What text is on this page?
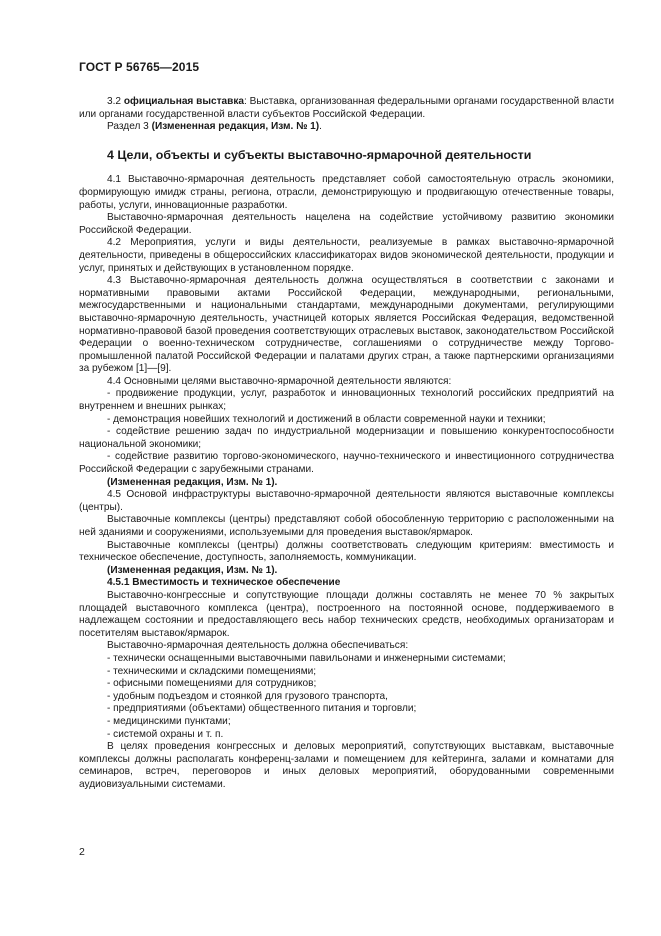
ГОСТ Р 56765—2015

3.2 официальная выставка: Выставка, организованная федеральными органами государственной власти или органами государственной власти субъектов Российской Федерации.

Раздел 3 (Измененная редакция, Изм. № 1).

4 Цели, объекты и субъекты выставочно-ярмарочной деятельности

4.1 Выставочно-ярмарочная деятельность представляет собой самостоятельную отрасль экономики, формирующую имидж страны, региона, отрасли, демонстрирующую и продвигающую отечественные товары, работы, услуги, инновационные разработки.

Выставочно-ярмарочная деятельность нацелена на содействие устойчивому развитию экономики Российской Федерации.

4.2 Мероприятия, услуги и виды деятельности, реализуемые в рамках выставочно-ярмарочной деятельности, приведены в общероссийских классификаторах видов экономической деятельности, продукции и услуг, принятых и действующих в установленном порядке.

4.3 Выставочно-ярмарочная деятельность должна осуществляться в соответствии с законами и нормативными правовыми актами Российской Федерации, международными, региональными, межгосударственными и национальными стандартами, международными документами, регулирующими выставочно-ярмарочную деятельность, участницей которых является Российская Федерация, ведомственной нормативно-правовой базой проведения соответствующих отраслевых выставок, законодательством Российской Федерации о военно-техническом сотрудничестве, соглашениями о сотрудничестве между Торгово-промышленной палатой Российской Федерации и палатами других стран, а также партнерскими организациями за рубежом [1]—[9].

4.4 Основными целями выставочно-ярмарочной деятельности являются:

- продвижение продукции, услуг, разработок и инновационных технологий российских предприятий на внутреннем и внешних рынках;

- демонстрация новейших технологий и достижений в области современной науки и техники;

- содействие решению задач по индустриальной модернизации и повышению конкурентоспособности национальной экономики;

- содействие развитию торгово-экономического, научно-технического и инвестиционного сотрудничества Российской Федерации с зарубежными странами.

(Измененная редакция, Изм. № 1).

4.5 Основой инфраструктуры выставочно-ярмарочной деятельности являются выставочные комплексы (центры).

Выставочные комплексы (центры) представляют собой обособленную территорию с расположенными на ней зданиями и сооружениями, используемыми для проведения выставок/ярмарок.

Выставочные комплексы (центры) должны соответствовать следующим критериям: вместимость и техническое обеспечение, доступность, заполняемость, коммуникации.

(Измененная редакция, Изм. № 1).

4.5.1 Вместимость и техническое обеспечение

Выставочно-конгрессные и сопутствующие площади должны составлять не менее 70 % закрытых площадей выставочного комплекса (центра), построенного на постоянной основе, поддерживаемого в надлежащем состоянии и предоставляющего весь набор технических средств, необходимых организаторам и посетителям выставок/ярмарок.

Выставочно-ярмарочная деятельность должна обеспечиваться:

- технически оснащенными выставочными павильонами и инженерными системами;

- техническими и складскими помещениями;

- офисными помещениями для сотрудников;

- удобным подъездом и стоянкой для грузового транспорта,

- предприятиями (объектами) общественного питания и торговли;

- медицинскими пунктами;

- системой охраны и т. п.

В целях проведения конгрессных и деловых мероприятий, сопутствующих выставкам, выставочные комплексы должны располагать конференц-залами и помещением для кейтеринга, залами и комнатами для семинаров, встреч, переговоров и иных деловых мероприятий, оборудованными современными аудиовизуальными системами.

2
